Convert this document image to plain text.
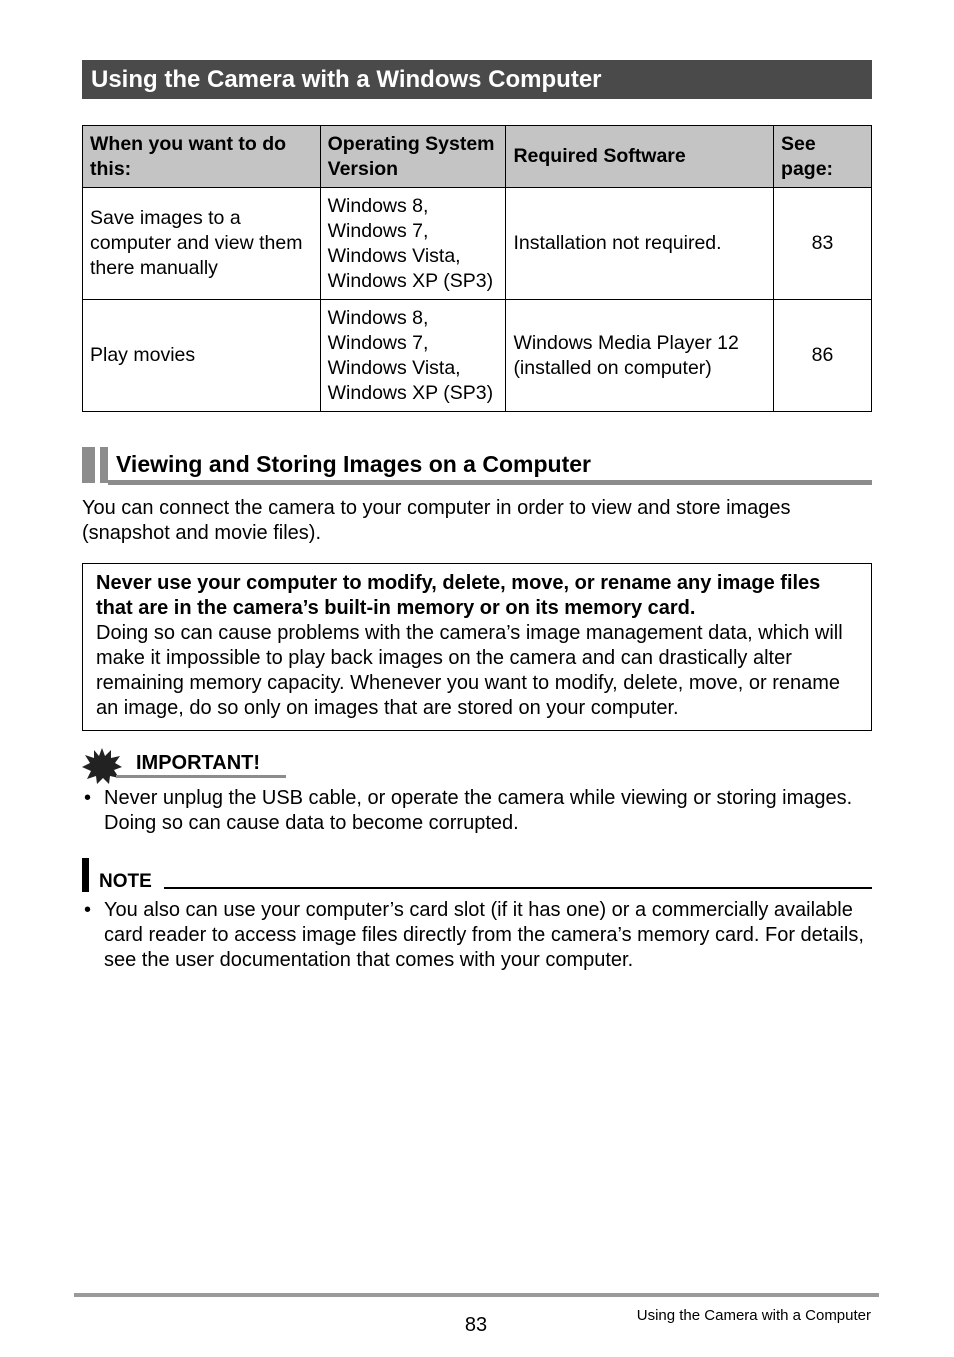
Using the Camera with a Windows Computer
When you want to do this:	Operating System Version	Required Software	See page:
Save images to a computer and view them there manually	Windows 8,
Windows 7,
Windows Vista,
Windows XP (SP3)	Installation not required.	83
Play movies	Windows 8,
Windows 7,
Windows Vista,
Windows XP (SP3)	Windows Media Player 12 (installed on computer)	86
Viewing and Storing Images on a Computer

You can connect the camera to your computer in order to view and store images (snapshot and movie files).

Never use your computer to modify, delete, move, or rename any image files that are in the camera’s built-in memory or on its memory card.
Doing so can cause problems with the camera’s image management data, which will make it impossible to play back images on the camera and can drastically alter remaining memory capacity. Whenever you want to modify, delete, move, or rename an image, do so only on images that are stored on your computer.
IMPORTANT!
• Never unplug the USB cable, or operate the camera while viewing or storing images. Doing so can cause data to become corrupted.
NOTE
• You also can use your computer’s card slot (if it has one) or a commercially available card reader to access image files directly from the camera’s memory card. For details, see the user documentation that comes with your computer.
83	Using the Camera with a Computer
